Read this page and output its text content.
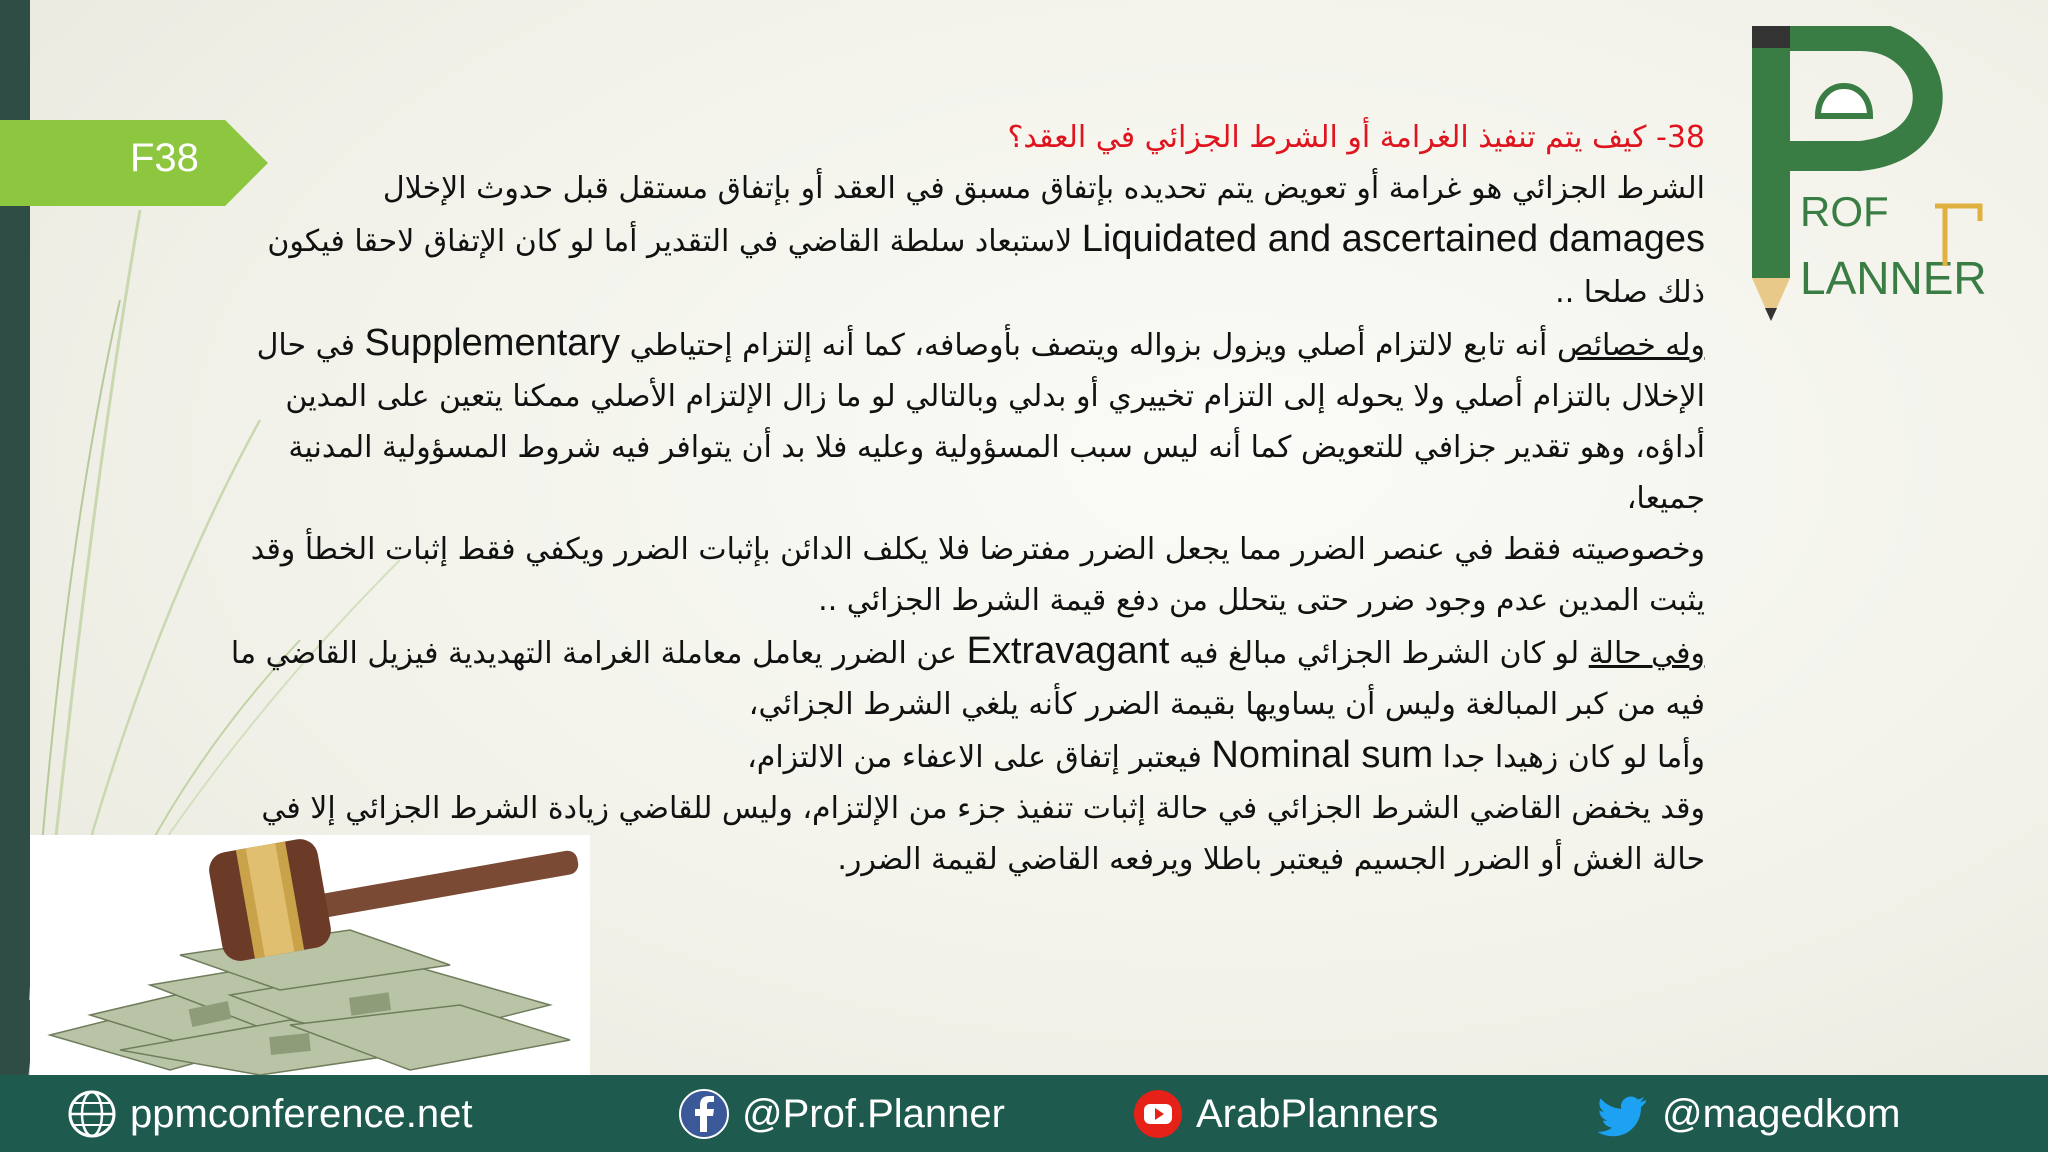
F38
ROF
LANNER

38- كيف يتم تنفيذ الغرامة أو الشرط الجزائي في العقد؟

الشرط الجزائي هو غرامة أو تعويض يتم تحديده بإتفاق مسبق في العقد أو بإتفاق مستقل قبل حدوث الإخلال Liquidated and ascertained damages لاستبعاد سلطة القاضي في التقدير أما لو كان الإتفاق لاحقا فيكون ذلك صلحا ..

وله خصائص أنه تابع لالتزام أصلي ويزول بزواله ويتصف بأوصافه، كما أنه إلتزام إحتياطي Supplementary في حال الإخلال بالتزام أصلي ولا يحوله إلى التزام تخييري أو بدلي وبالتالي لو ما زال الإلتزام الأصلي ممكنا يتعين على المدين أداؤه، وهو تقدير جزافي للتعويض كما أنه ليس سبب المسؤولية وعليه فلا بد أن يتوافر فيه شروط المسؤولية المدنية جميعا،

وخصوصيته فقط في عنصر الضرر مما يجعل الضرر مفترضا فلا يكلف الدائن بإثبات الضرر ويكفي فقط إثبات الخطأ وقد يثبت المدين عدم وجود ضرر حتى يتحلل من دفع قيمة الشرط الجزائي ..

وفي حالة لو كان الشرط الجزائي مبالغ فيه Extravagant عن الضرر يعامل معاملة الغرامة التهديدية فيزيل القاضي ما فيه من كبر المبالغة وليس أن يساويها بقيمة الضرر كأنه يلغي الشرط الجزائي،

وأما لو كان زهيدا جدا Nominal sum فيعتبر إتفاق على الاعفاء من الالتزام،

وقد يخفض القاضي الشرط الجزائي في حالة إثبات تنفيذ جزء من الإلتزام، وليس للقاضي زيادة الشرط الجزائي إلا في حالة الغش أو الضرر الجسيم فيعتبر باطلا ويرفعه القاضي لقيمة الضرر.

ppmconference.net	@Prof.Planner	ArabPlanners	@magedkom
